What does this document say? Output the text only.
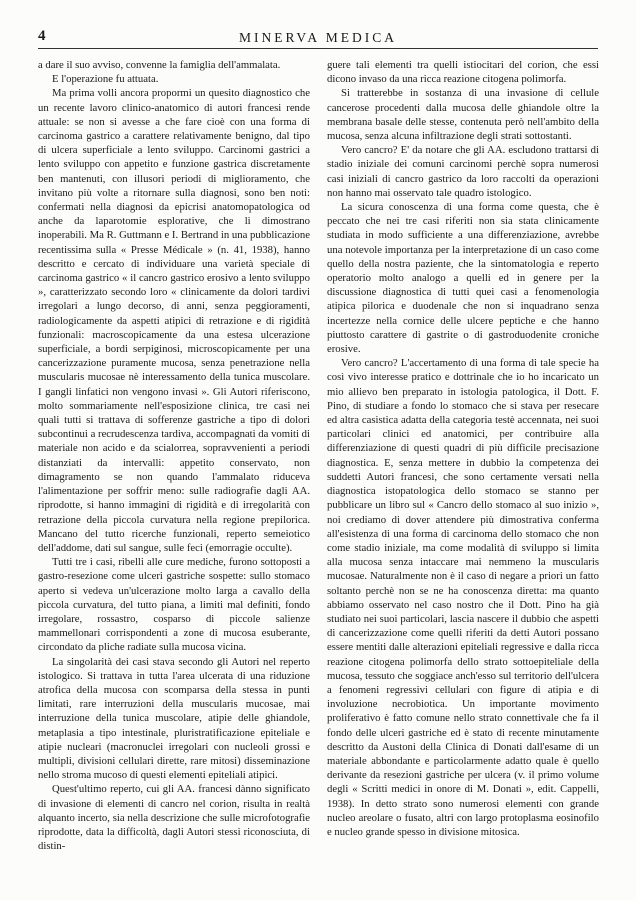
4	MINERVA MEDICA

a dare il suo avviso, convenne la famiglia dell'ammalata.

E l'operazione fu attuata.

Ma prima volli ancora propormi un quesito diagnostico che un recente lavoro clinico-anatomico di autori francesi rende attuale: se non si avesse a che fare cioè con una forma di carcinoma gastrico a carattere relativamente benigno, dal tipo di ulcera superficiale a lento sviluppo. Carcinomi gastrici a lento sviluppo con appetito e funzione gastrica discretamente ben mantenuti, con illusori periodi di miglioramento, che invitano più volte a ritornare sulla diagnosi, sono ben noti: confermati nella diagnosi da epicrisi anatomopatologica od anche da laparotomie esplorative, che li dimostrano inoperabili. Ma R. Guttmann e I. Bertrand in una pubblicazione recentissima sulla « Presse Médicale » (n. 41, 1938), hanno descritto e cercato di individuare una varietà speciale di carcinoma gastrico « il cancro gastrico erosivo a lento sviluppo », caratterizzato secondo loro « clinicamente da dolori tardivi irregolari a lungo decorso, di anni, senza peggioramenti, radiologicamente da aspetti atipici di retrazione e di rigidità funzionali: macroscopicamente da una estesa ulcerazione superficiale, a bordi serpiginosi, microscopicamente per una cancerizzazione puramente mucosa, senza penetrazione nella muscularis mucosae nè interessamento della tunica muscolare. I gangli linfatici non vengono invasi ». Gli Autori riferiscono, molto sommariamente nell'esposizione clinica, tre casi nei quali tutti si trattava di sofferenze gastriche a tipo di dolori subcontinui a recrudescenza tardiva, accompagnati da vomiti di materiale non acido e da scialorrea, sopravvenienti a periodi distanziati da intervalli: appetito conservato, non dimagramento se non quando l'ammalato riduceva l'alimentazione per soffrir meno: sulle radiografie dagli AA. riprodotte, si hanno immagini di rigidità e di irregolarità con retrazione della piccola curvatura nella regione prepilorica. Mancano del tutto ricerche funzionali, reperto semeiotico dell'addome, dati sul sangue, sulle feci (emorragie occulte).

Tutti tre i casi, ribelli alle cure mediche, furono sottoposti a gastro-resezione come ulceri gastriche sospette: sullo stomaco aperto si vedeva un'ulcerazione molto larga a cavallo della piccola curvatura, del tutto piana, a limiti mal definiti, fondo irregolare, rossastro, cosparso di piccole salienze mammellonari corrispondenti a zone di mucosa esuberante, circondato da pliche radiate sulla mucosa vicina.

La singolarità dei casi stava secondo gli Autori nel reperto istologico. Si trattava in tutta l'area ulcerata di una riduzione atrofica della mucosa con scomparsa della stessa in punti limitati, rare interruzioni della muscularis mucosae, mai interruzione della tunica muscolare, atipie delle ghiandole, metaplasia a tipo intestinale, pluristratificazione epiteliale e atipie nucleari (macronuclei irregolari con nucleoli grossi e multipli, divisioni cellulari dirette, rare mitosi) disseminazione nello stroma mucoso di questi elementi epiteliali atipici.

Quest'ultimo reperto, cui gli AA. francesi dànno significato di invasione di elementi di cancro nel corion, risulta in realtà alquanto incerto, sia nella descrizione che sulle microfotografie riprodotte, data la difficoltà, dagli Autori stessi riconosciuta, di distin-

guere tali elementi tra quelli istiocitari del corion, che essi dicono invaso da una ricca reazione citogena polimorfa.

Si tratterebbe in sostanza di una invasione di cellule cancerose procedenti dalla mucosa delle ghiandole oltre la membrana basale delle stesse, contenuta però nell'ambito della mucosa, senza alcuna infiltrazione degli strati sottostanti.

Vero cancro? E' da notare che gli AA. escludono trattarsi di stadio iniziale dei comuni carcinomi perchè sopra numerosi casi iniziali di cancro gastrico da loro raccolti da operazioni non hanno mai osservato tale quadro istologico.

La sicura conoscenza di una forma come questa, che è peccato che nei tre casi riferiti non sia stata clinicamente studiata in modo sufficiente a una differenziazione, avrebbe una notevole importanza per la interpretazione di un caso come quello della nostra paziente, che la sintomatologia e reperto operatorio molto analogo a quelli ed in genere per la discussione diagnostica di tutti quei casi a fenomenologia atipica pilorica e duodenale che non si inquadrano senza incertezze nella cornice delle ulcere peptiche e che hanno piuttosto carattere di gastrite o di gastroduodenite croniche erosive.

Vero cancro? L'accertamento di una forma di tale specie ha così vivo interesse pratico e dottrinale che io ho incaricato un mio allievo ben preparato in istologia patologica, il Dott. F. Pino, di studiare a fondo lo stomaco che si stava per resecare ed altra casistica adatta della categoria testè accennata, nei suoi particolari clinici ed anatomici, per contribuire alla differenziazione di questi quadri di più difficile precisazione diagnostica. E, senza mettere in dubbio la competenza dei suddetti Autori francesi, che sono certamente versati nella diagnostica istopatologica dello stomaco se stanno per pubblicare un libro sul « Cancro dello stomaco al suo inizio », noi crediamo di dover attendere più dimostrativa conferma all'esistenza di una forma di carcinoma dello stomaco che non come stadio iniziale, ma come modalità di sviluppo si limita alla mucosa senza intaccare mai nemmeno la muscularis mucosae. Naturalmente non è il caso di negare a priori un fatto soltanto perchè non se ne ha conoscenza diretta: ma quanto abbiamo osservato nel caso nostro che il Dott. Pino ha già studiato nei suoi particolari, lascia nascere il dubbio che aspetti di cancerizzazione come quelli riferiti da detti Autori possano essere mentiti dalle alterazioni epiteliali regressive e dalla ricca reazione citogena polimorfa dello strato sottoepiteliale della mucosa, tessuto che soggiace anch'esso sul territorio dell'ulcera a fenomeni regressivi cellulari con figure di atipia e di involuzione necrobiotica. Un importante movimento proliferativo è fatto comune nello strato connettivale che fa il fondo delle ulceri gastriche ed è stato di recente minutamente descritto da Austoni della Clinica di Donati dall'esame di un materiale abbondante e particolarmente adatto quale è quello derivante da resezioni gastriche per ulcera (v. il primo volume degli « Scritti medici in onore di M. Donati », edit. Cappelli, 1938). In detto strato sono numerosi elementi con grande nucleo areolare o fusato, altri con largo protoplasma eosinofilo e nucleo grande spesso in divisione mitosica.
